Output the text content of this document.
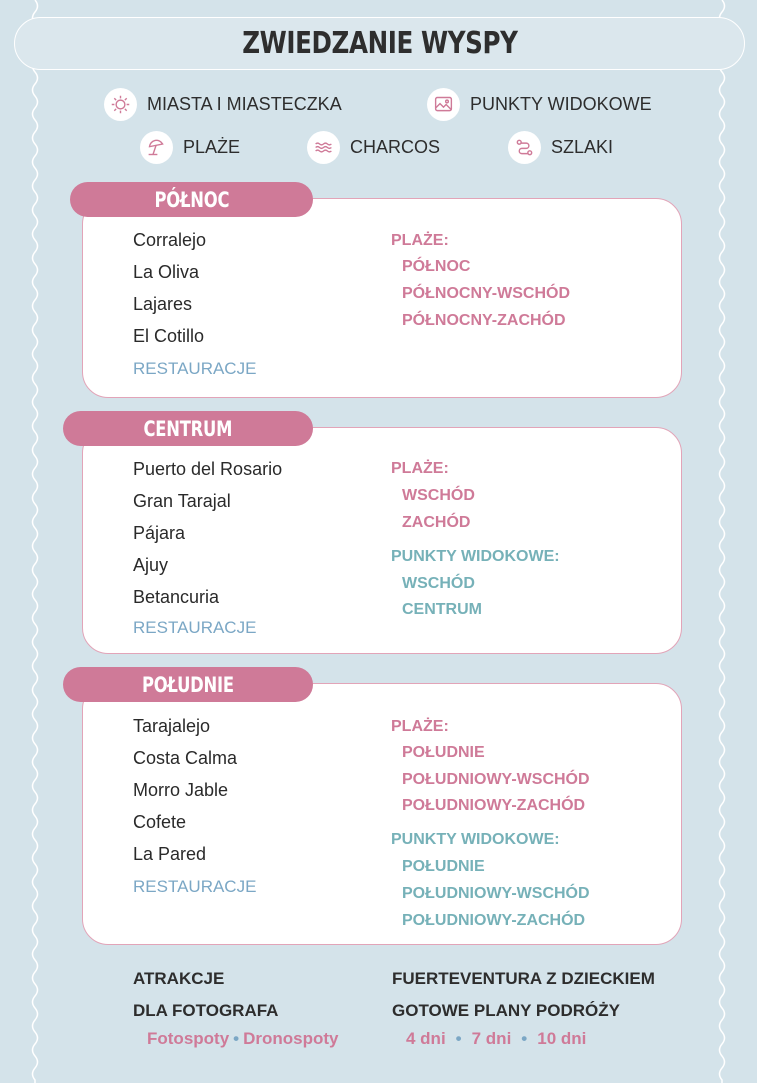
ZWIEDZANIE WYSPY
MIASTA I MIASTECZKA	PUNKTY WIDOKOWE
PLAŻE	CHARCOS	SZLAKI
PÓŁNOC
Corralejo
La Oliva
Lajares
El Cotillo
RESTAURACJE
PLAŻE:
PÓŁNOC
PÓŁNOCNY-WSCHÓD
PÓŁNOCNY-ZACHÓD
CENTRUM
Puerto del Rosario
Gran Tarajal
Pájara
Ajuy
Betancuria
RESTAURACJE
PLAŻE:
WSCHÓD
ZACHÓD
PUNKTY WIDOKOWE:
WSCHÓD
CENTRUM
POŁUDNIE
Tarajalejo
Costa Calma
Morro Jable
Cofete
La Pared
RESTAURACJE
PLAŻE:
POŁUDNIE
POŁUDNIOWY-WSCHÓD
POŁUDNIOWY-ZACHÓD
PUNKTY WIDOKOWE:
POŁUDNIE
POŁUDNIOWY-WSCHÓD
POŁUDNIOWY-ZACHÓD
ATRAKCJE
DLA FOTOGRAFA
Fotospoty • Dronospoty
FUERTEVENTURA Z DZIECKIEM
GOTOWE PLANY PODRÓŻY
4 dni • 7 dni • 10 dni
